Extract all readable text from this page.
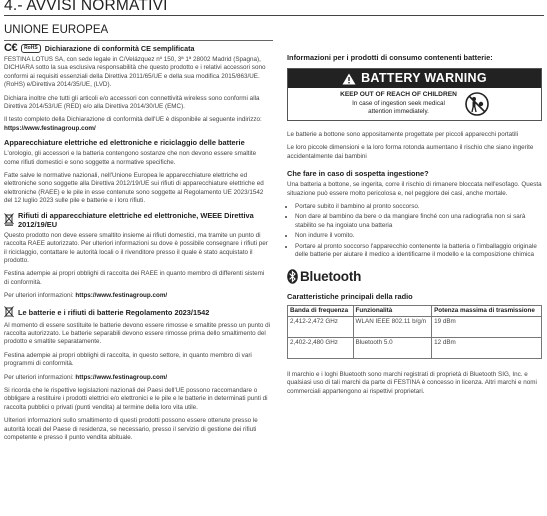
4.- AVVISI NORMATIVI
UNIONE EUROPEA
C€	RoHS Dichiarazione di conformità CE semplificata

FESTINA LOTUS SA, con sede legale in C/Velázquez nº 150, 3ª 1ª 28002 Madrid (Spagna), DICHIARA sotto la sua esclusiva responsabilità che questo prodotto e i relativi accessori sono conformi ai requisiti essenziali della Direttiva 2011/65/UE e della sua modifica 2015/863/UE. (RoHS) e/Direttiva 2014/35/UE, (LVD).

Dichiara inoltre che tutti gli articoli e/o accessori con connettività wireless sono conformi alla Direttiva 2014/53/UE (RED) e/o alla Direttiva 2014/30/UE (EMC).

Il testo completo della Dichiarazione di conformità dell'UE è disponibile al seguente indirizzo: https://www.festinagroup.com/

Apparecchiature elettriche ed elettroniche e riciclaggio delle batterie

L'orologio, gli accessori e la batteria contengono sostanze che non devono essere smaltite come rifiuti domestici e sono soggette a normative specifiche.

Fatte salve le normative nazionali, nell'Unione Europea le apparecchiature elettriche ed elettroniche sono soggette alla Direttiva 2012/19/UE sui rifiuti di apparecchiature elettriche ed elettroniche (RAEE) e le pile in esse contenute sono soggette al Regolamento UE 2023/1542 del 12 luglio 2023 sulle pile e batterie e i loro rifiuti.

Rifiuti di apparecchiature elettriche ed elettroniche, WEEE Direttiva 2012/19/EU

Questo prodotto non deve essere smaltito insieme ai rifiuti domestici, ma tramite un punto di raccolta RAEE autorizzato. Per ulteriori informazioni su dove è possibile consegnare i rifiuti per il riciclaggio, contattare le autorità locali o il rivenditore presso il quale è stato acquistato il prodotto.

Festina adempie ai propri obblighi di raccolta dei RAEE in quanto membro di differenti sistemi di conformità.

Per ulteriori informazioni: https://www.festinagroup.com/

Le batterie e i rifiuti di batterie Regolamento 2023/1542

Al momento di essere sostituite le batterie devono essere rimosse e smaltite presso un punto di raccolta autorizzato. Le batterie separabili devono essere rimosse prima dello smaltimento del prodotto e smaltite separatamente.

Festina adempie ai propri obblighi di raccolta, in questo settore, in quanto membro di vari programmi di conformità.

Per ulteriori informazioni: https://www.festinagroup.com/

Si ricorda che le rispettive legislazioni nazionali dei Paesi dell'UE possono raccomandare o obbligare a restituire i prodotti elettrici e/o elettronici e le pile e le batterie in determinati punti di raccolta pubblici o privati (punti vendita) al termine della loro vita utile.

Ulteriori informazioni sullo smaltimento di questi prodotti possono essere ottenute presso le autorità locali del Paese di residenza, se necessario, presso il servizio di gestione dei rifiuti competente e presso il punto vendita abituale.

Informazioni per i prodotti di consumo contenenti batterie:
BATTERY WARNING
KEEP OUT OF REACH OF CHILDREN
In case of ingestion seek medical
attention immediately.

Le batterie a bottone sono appositamente progettate per piccoli apparecchi portatili

Le loro piccole dimensioni e la loro forma rotonda aumentano il rischio che siano ingerite accidentalmente dai bambini

Che fare in caso di sospetta ingestione?

Una batteria a bottone, se ingerita, corre il rischio di rimanere bloccata nell'esofago. Questa situazione può essere molto pericolosa e, nel peggiore dei casi, anche mortale.

• Portare subito il bambino al pronto soccorso.
• Non dare al bambino da bere o da mangiare finché con una radiografia non si sarà stabilito se ha ingoiato una batteria
• Non indurre il vomito.
• Portare al pronto soccorso l'apparecchio contenente la batteria o l'imballaggio originale delle batterie per aiutare il medico a identificarne il modello e la composizione chimica
Bluetooth
Caratteristiche principali della radio
Banda di frequenza	Funzionalità	Potenza massima di trasmissione
2,412-2,472 GHz	WLAN IEEE 802.11 b/g/n	19 dBm
2,402-2,480 GHz	Bluetooth 5.0	12 dBm

Il marchio e i loghi Bluetooth sono marchi registrati di proprietà di Bluetooth SIG, Inc. e qualsiasi uso di tali marchi da parte di FESTINA è concesso in licenza. Altri marchi e nomi commerciali appartengono ai rispettivi proprietari.
